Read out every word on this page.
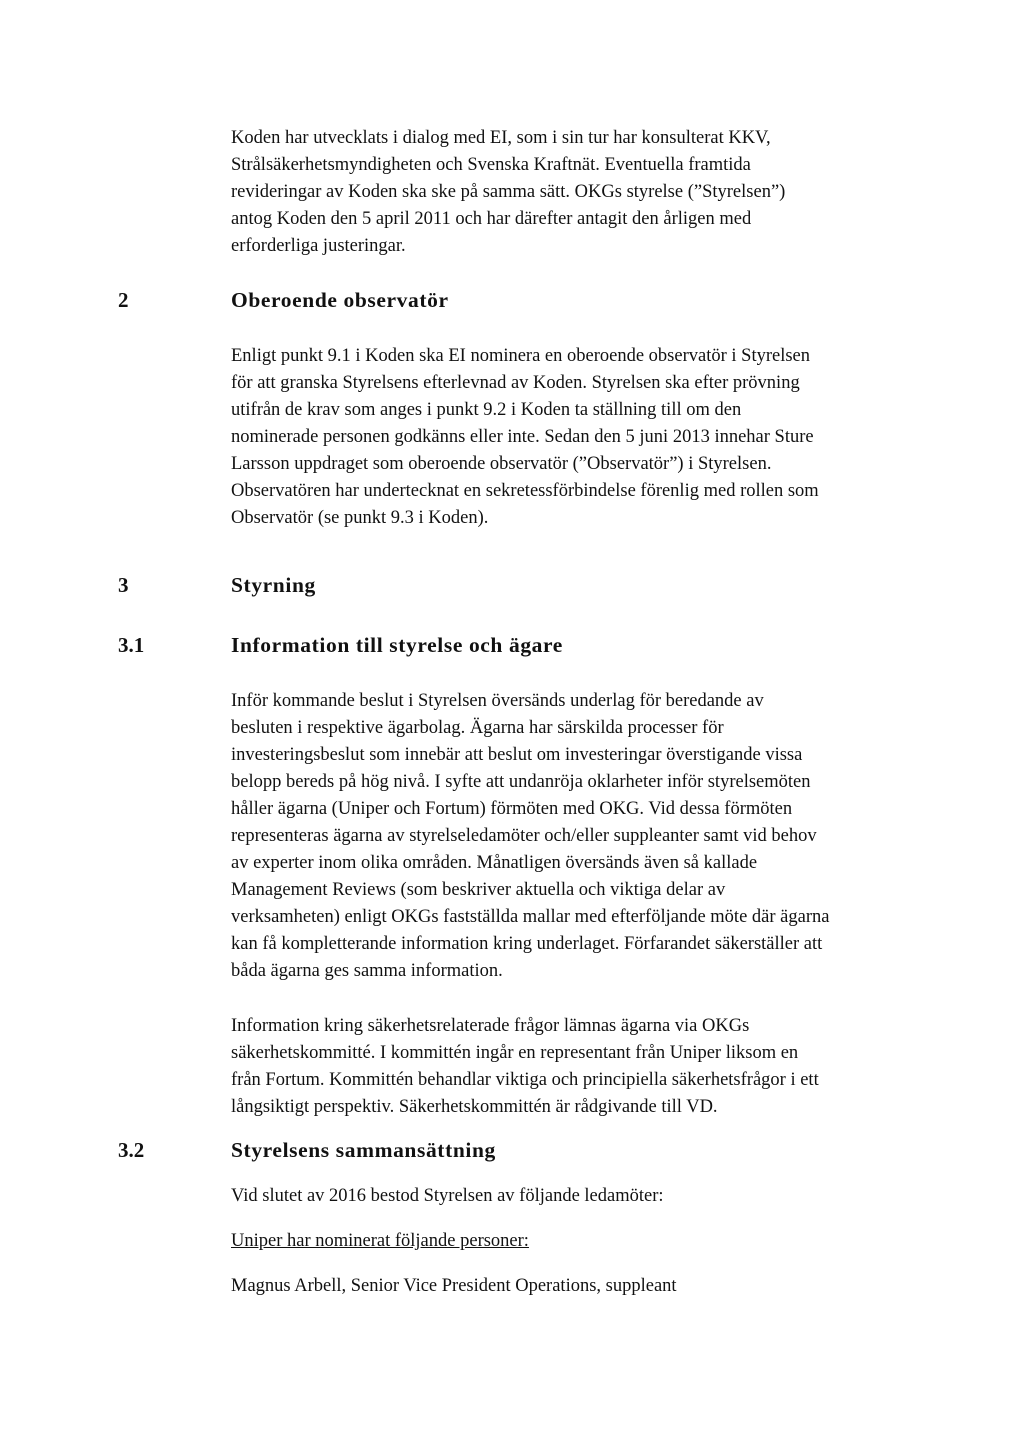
Koden har utvecklats i dialog med EI, som i sin tur har konsulterat KKV,
Strålsäkerhetsmyndigheten och Svenska Kraftnät. Eventuella framtida
revideringar av Koden ska ske på samma sätt. OKGs styrelse (”Styrelsen”)
antog Koden den 5 april 2011 och har därefter antagit den årligen med
erforderliga justeringar.
2	Oberoende observatör
Enligt punkt 9.1 i Koden ska EI nominera en oberoende observatör i Styrelsen
för att granska Styrelsens efterlevnad av Koden. Styrelsen ska efter prövning
utifrån de krav som anges i punkt 9.2 i Koden ta ställning till om den
nominerade personen godkänns eller inte. Sedan den 5 juni 2013 innehar Sture
Larsson uppdraget som oberoende observatör (”Observatör”) i Styrelsen.
Observatören har undertecknat en sekretessförbindelse förenlig med rollen som
Observatör (se punkt 9.3 i Koden).
3	Styrning
3.1	Information till styrelse och ägare
Inför kommande beslut i Styrelsen översänds underlag för beredande av
besluten i respektive ägarbolag. Ägarna har särskilda processer för
investeringsbeslut som innebär att beslut om investeringar överstigande vissa
belopp bereds på hög nivå. I syfte att undanröja oklarheter inför styrelsemöten
håller ägarna (Uniper och Fortum) förmöten med OKG. Vid dessa förmöten
representeras ägarna av styrelseledamöter och/eller suppleanter samt vid behov
av experter inom olika områden. Månatligen översänds även så kallade
Management Reviews (som beskriver aktuella och viktiga delar av
verksamheten) enligt OKGs fastställda mallar med efterföljande möte där ägarna
kan få kompletterande information kring underlaget. Förfarandet säkerställer att
båda ägarna ges samma information.
Information kring säkerhetsrelaterade frågor lämnas ägarna via OKGs
säkerhetskommitté. I kommittén ingår en representant från Uniper liksom en
från Fortum. Kommittén behandlar viktiga och principiella säkerhetsfrågor i ett
långsiktigt perspektiv. Säkerhetskommittén är rådgivande till VD.
3.2	Styrelsens sammansättning
Vid slutet av 2016 bestod Styrelsen av följande ledamöter:
Uniper har nominerat följande personer:
Magnus Arbell, Senior Vice President Operations, suppleant
